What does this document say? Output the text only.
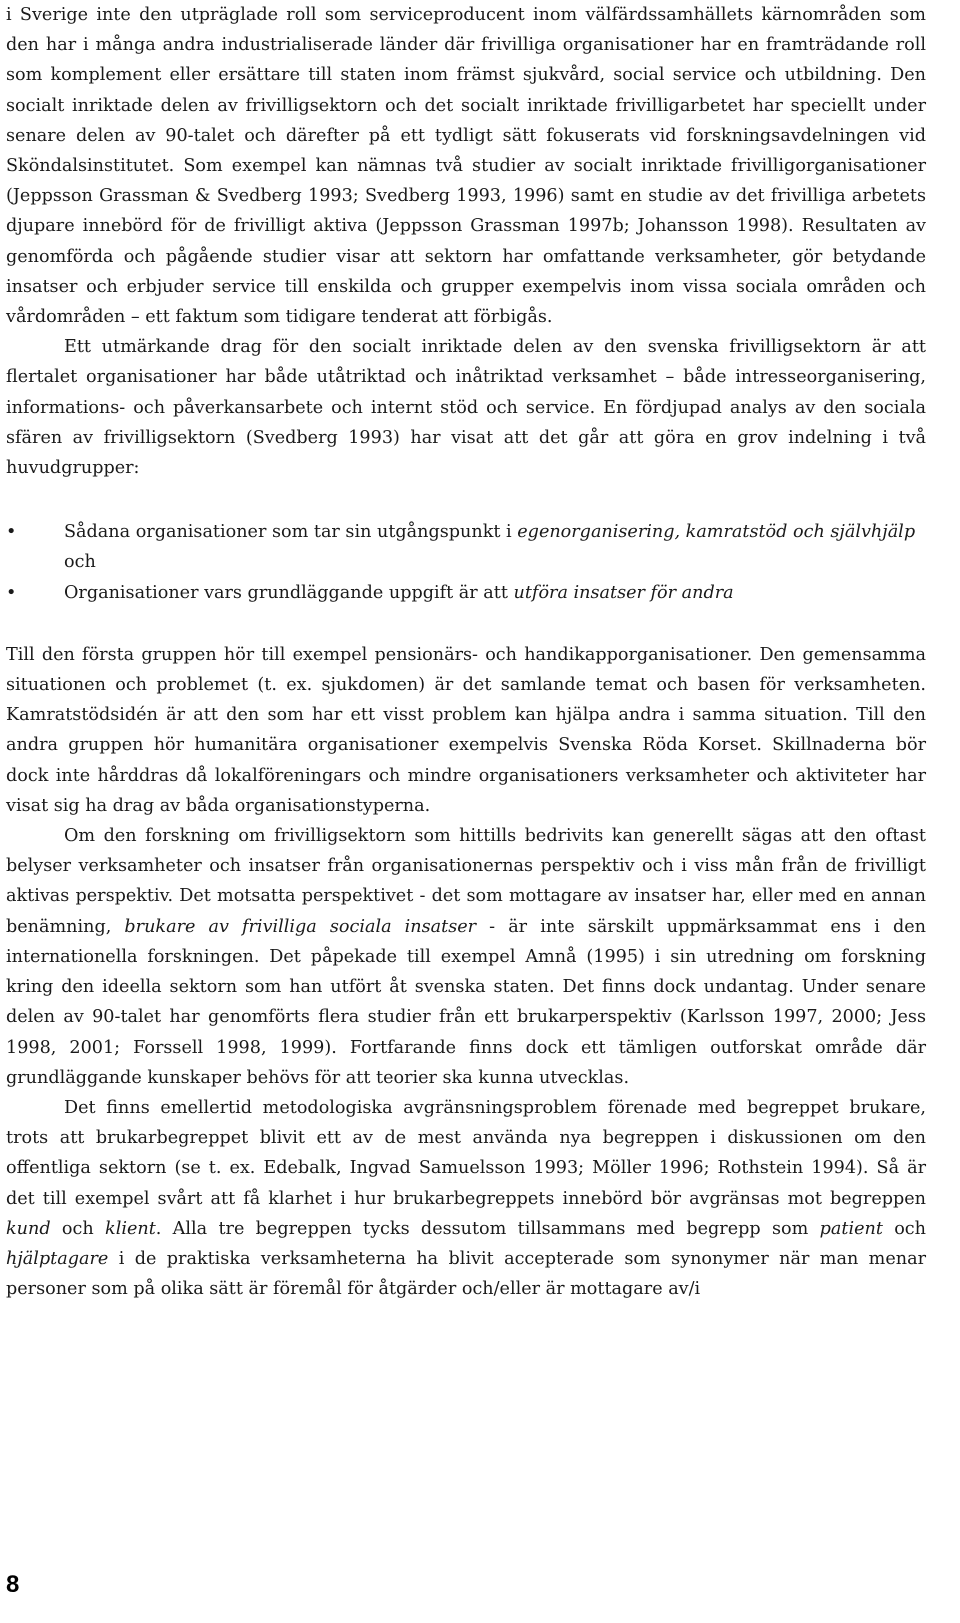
i Sverige inte den utpräglade roll som serviceproducent inom välfärdssamhällets kärnområden som den har i många andra industrialiserade länder där frivilliga organisationer har en framträdande roll som komplement eller ersättare till staten inom främst sjukvård, social service och utbildning. Den socialt inriktade delen av frivilligsektorn och det socialt inriktade frivilligarbetet har speciellt under senare delen av 90-talet och därefter på ett tydligt sätt fokuserats vid forskningsavdelningen vid Sköndalsinstitutet. Som exempel kan nämnas två studier av socialt inriktade frivilligorganisationer (Jeppsson Grassman & Svedberg 1993; Svedberg 1993, 1996) samt en studie av det frivilliga arbetets djupare innebörd för de frivilligt aktiva (Jeppsson Grassman 1997b; Johansson 1998). Resultaten av genomförda och pågående studier visar att sektorn har omfattande verksamheter, gör betydande insatser och erbjuder service till enskilda och grupper exempelvis inom vissa sociala områden och vårdområden – ett faktum som tidigare tenderat att förbigås.

Ett utmärkande drag för den socialt inriktade delen av den svenska frivilligsektorn är att flertalet organisationer har både utåtriktad och inåtriktad verksamhet – både intresseorganisering, informations- och påverkansarbete och internt stöd och service. En fördjupad analys av den sociala sfären av frivilligsektorn (Svedberg 1993) har visat att det går att göra en grov indelning i två huvudgrupper:

•	Sådana organisationer som tar sin utgångspunkt i egenorganisering, kamratstöd och självhjälp och
•	Organisationer vars grundläggande uppgift är att utföra insatser för andra

Till den första gruppen hör till exempel pensionärs- och handikapporganisationer. Den gemensamma situationen och problemet (t. ex. sjukdomen) är det samlande temat och basen för verksamheten. Kamratstödsidén är att den som har ett visst problem kan hjälpa andra i samma situation. Till den andra gruppen hör humanitära organisationer exempelvis Svenska Röda Korset. Skillnaderna bör dock inte hårddras då lokalföreningars och mindre organisationers verksamheter och aktiviteter har visat sig ha drag av båda organisationstyperna.

Om den forskning om frivilligsektorn som hittills bedrivits kan generellt sägas att den oftast belyser verksamheter och insatser från organisationernas perspektiv och i viss mån från de frivilligt aktivas perspektiv. Det motsatta perspektivet - det som mottagare av insatser har, eller med en annan benämning, brukare av frivilliga sociala insatser - är inte särskilt uppmärksammat ens i den internationella forskningen. Det påpekade till exempel Amnå (1995) i sin utredning om forskning kring den ideella sektorn som han utfört åt svenska staten. Det finns dock undantag. Under senare delen av 90-talet har genomförts flera studier från ett brukarperspektiv (Karlsson 1997, 2000; Jess 1998, 2001; Forssell 1998, 1999). Fortfarande finns dock ett tämligen outforskat område där grundläggande kunskaper behövs för att teorier ska kunna utvecklas.

Det finns emellertid metodologiska avgränsningsproblem förenade med begreppet brukare, trots att brukarbegreppet blivit ett av de mest använda nya begreppen i diskussionen om den offentliga sektorn (se t. ex. Edebalk, Ingvad Samuelsson 1993; Möller 1996; Rothstein 1994). Så är det till exempel svårt att få klarhet i hur brukarbegreppets innebörd bör avgränsas mot begreppen kund och klient. Alla tre begreppen tycks dessutom tillsammans med begrepp som patient och hjälptagare i de praktiska verksamheterna ha blivit accepterade som synonymer när man menar personer som på olika sätt är föremål för åtgärder och/eller är mottagare av/i

8
